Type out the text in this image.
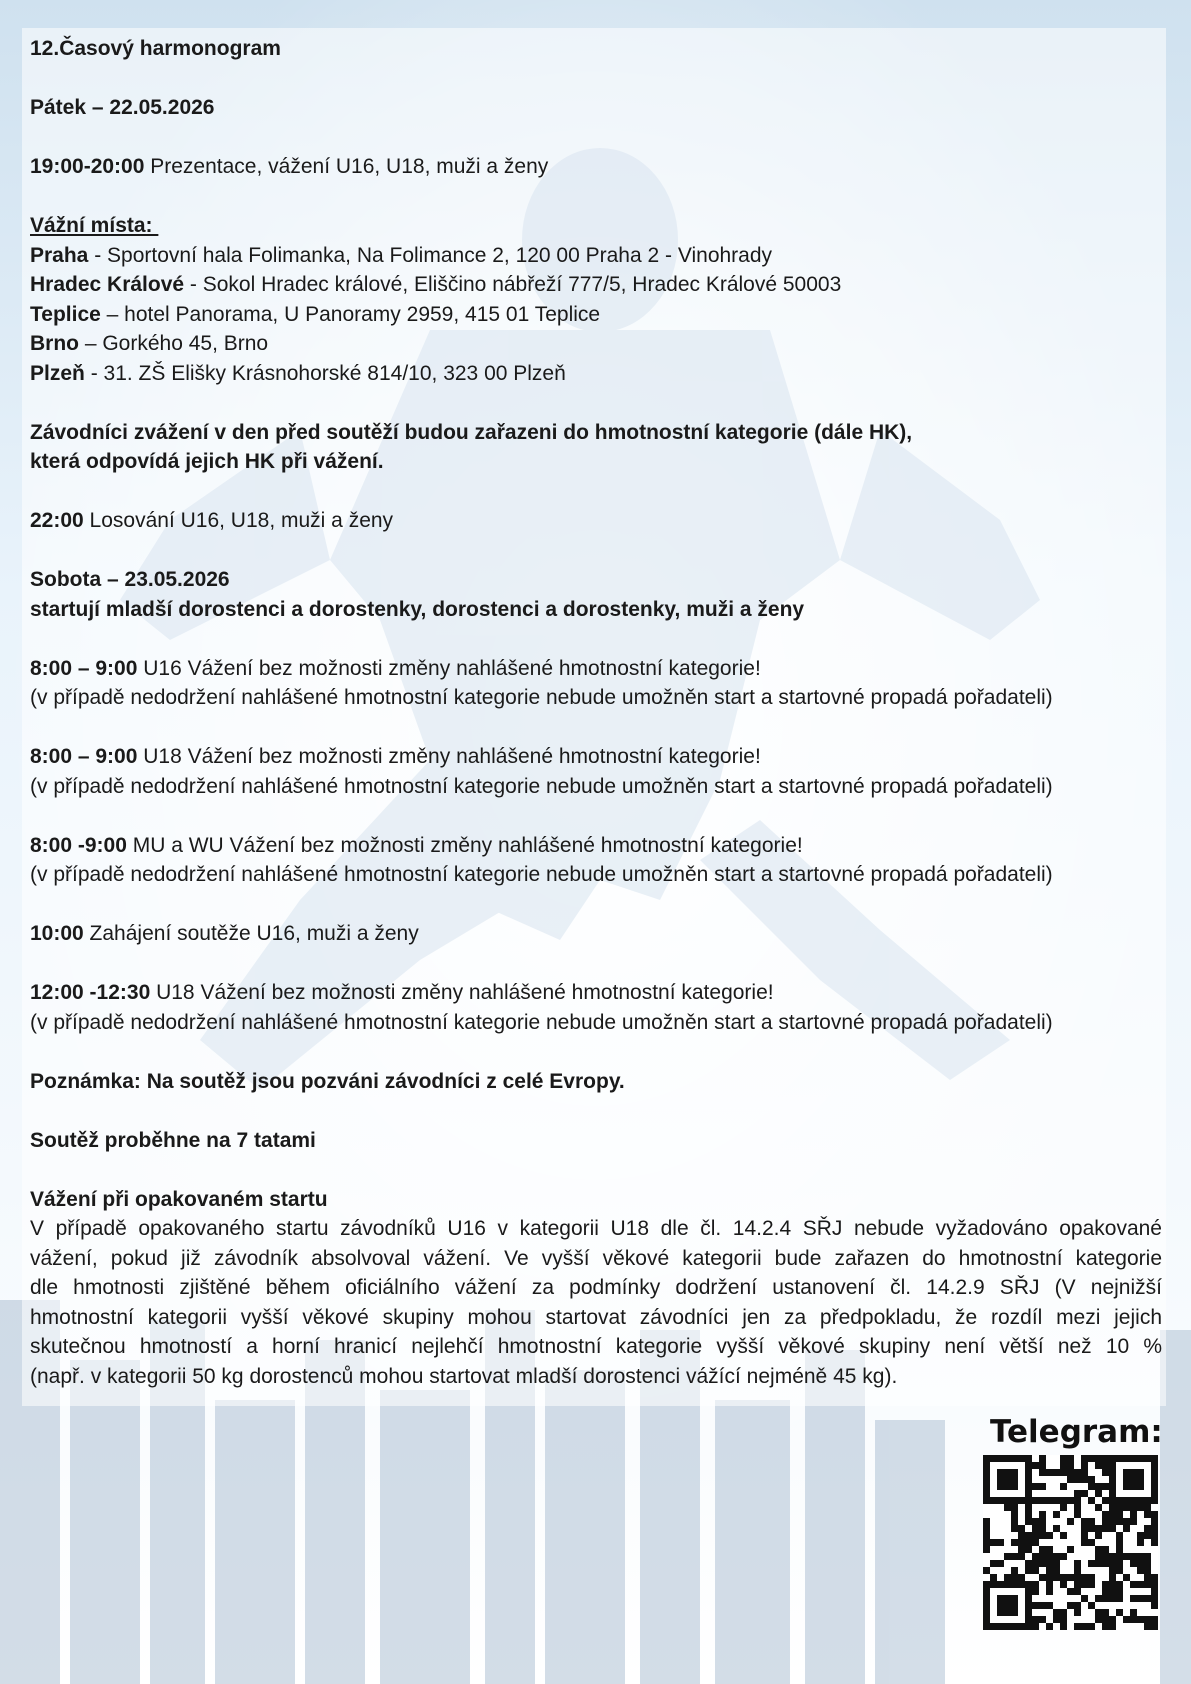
12.Časový harmonogram
Pátek – 22.05.2026
19:00-20:00 Prezentace, vážení U16, U18, muži a ženy
Vážní místa:
Praha - Sportovní hala Folimanka, Na Folimance 2, 120 00 Praha 2 - Vinohrady
Hradec Králové - Sokol Hradec králové, Eliščino nábřeží 777/5, Hradec Králové 50003
Teplice – hotel Panorama, U Panoramy 2959, 415 01 Teplice
Brno – Gorkého 45, Brno
Plzeň - 31. ZŠ Elišky Krásnohorské 814/10, 323 00 Plzeň
Závodníci zvážení v den před soutěží budou zařazeni do hmotnostní kategorie (dále HK),
která odpovídá jejich HK při vážení.
22:00 Losování U16, U18, muži a ženy
Sobota – 23.05.2026
startují mladší dorostenci a dorostenky, dorostenci a dorostenky, muži a ženy
8:00 – 9:00 U16 Vážení bez možnosti změny nahlášené hmotnostní kategorie!
(v případě nedodržení nahlášené hmotnostní kategorie nebude umožněn start a startovné propadá pořadateli)
8:00 – 9:00 U18 Vážení bez možnosti změny nahlášené hmotnostní kategorie!
(v případě nedodržení nahlášené hmotnostní kategorie nebude umožněn start a startovné propadá pořadateli)
8:00 -9:00 MU a WU Vážení bez možnosti změny nahlášené hmotnostní kategorie!
(v případě nedodržení nahlášené hmotnostní kategorie nebude umožněn start a startovné propadá pořadateli)
10:00 Zahájení soutěže U16, muži a ženy
12:00 -12:30 U18 Vážení bez možnosti změny nahlášené hmotnostní kategorie!
(v případě nedodržení nahlášené hmotnostní kategorie nebude umožněn start a startovné propadá pořadateli)
Poznámka: Na soutěž jsou pozváni závodníci z celé Evropy.
Soutěž proběhne na 7 tatami
Vážení při opakovaném startu
V případě opakovaného startu závodníků U16 v kategorii U18 dle čl. 14.2.4 SŘJ nebude vyžadováno opakované
vážení, pokud již závodník absolvoval vážení. Ve vyšší věkové kategorii bude zařazen do hmotnostní kategorie
dle hmotnosti zjištěné během oficiálního vážení za podmínky dodržení ustanovení čl. 14.2.9 SŘJ (V nejnižší
hmotnostní kategorii vyšší věkové skupiny mohou startovat závodníci jen za předpokladu, že rozdíl mezi jejich
skutečnou hmotností a horní hranicí nejlehčí hmotnostní kategorie vyšší věkové skupiny není větší než 10 %
(např. v kategorii 50 kg dorostenců mohou startovat mladší dorostenci vážící nejméně 45 kg).
Telegram:
